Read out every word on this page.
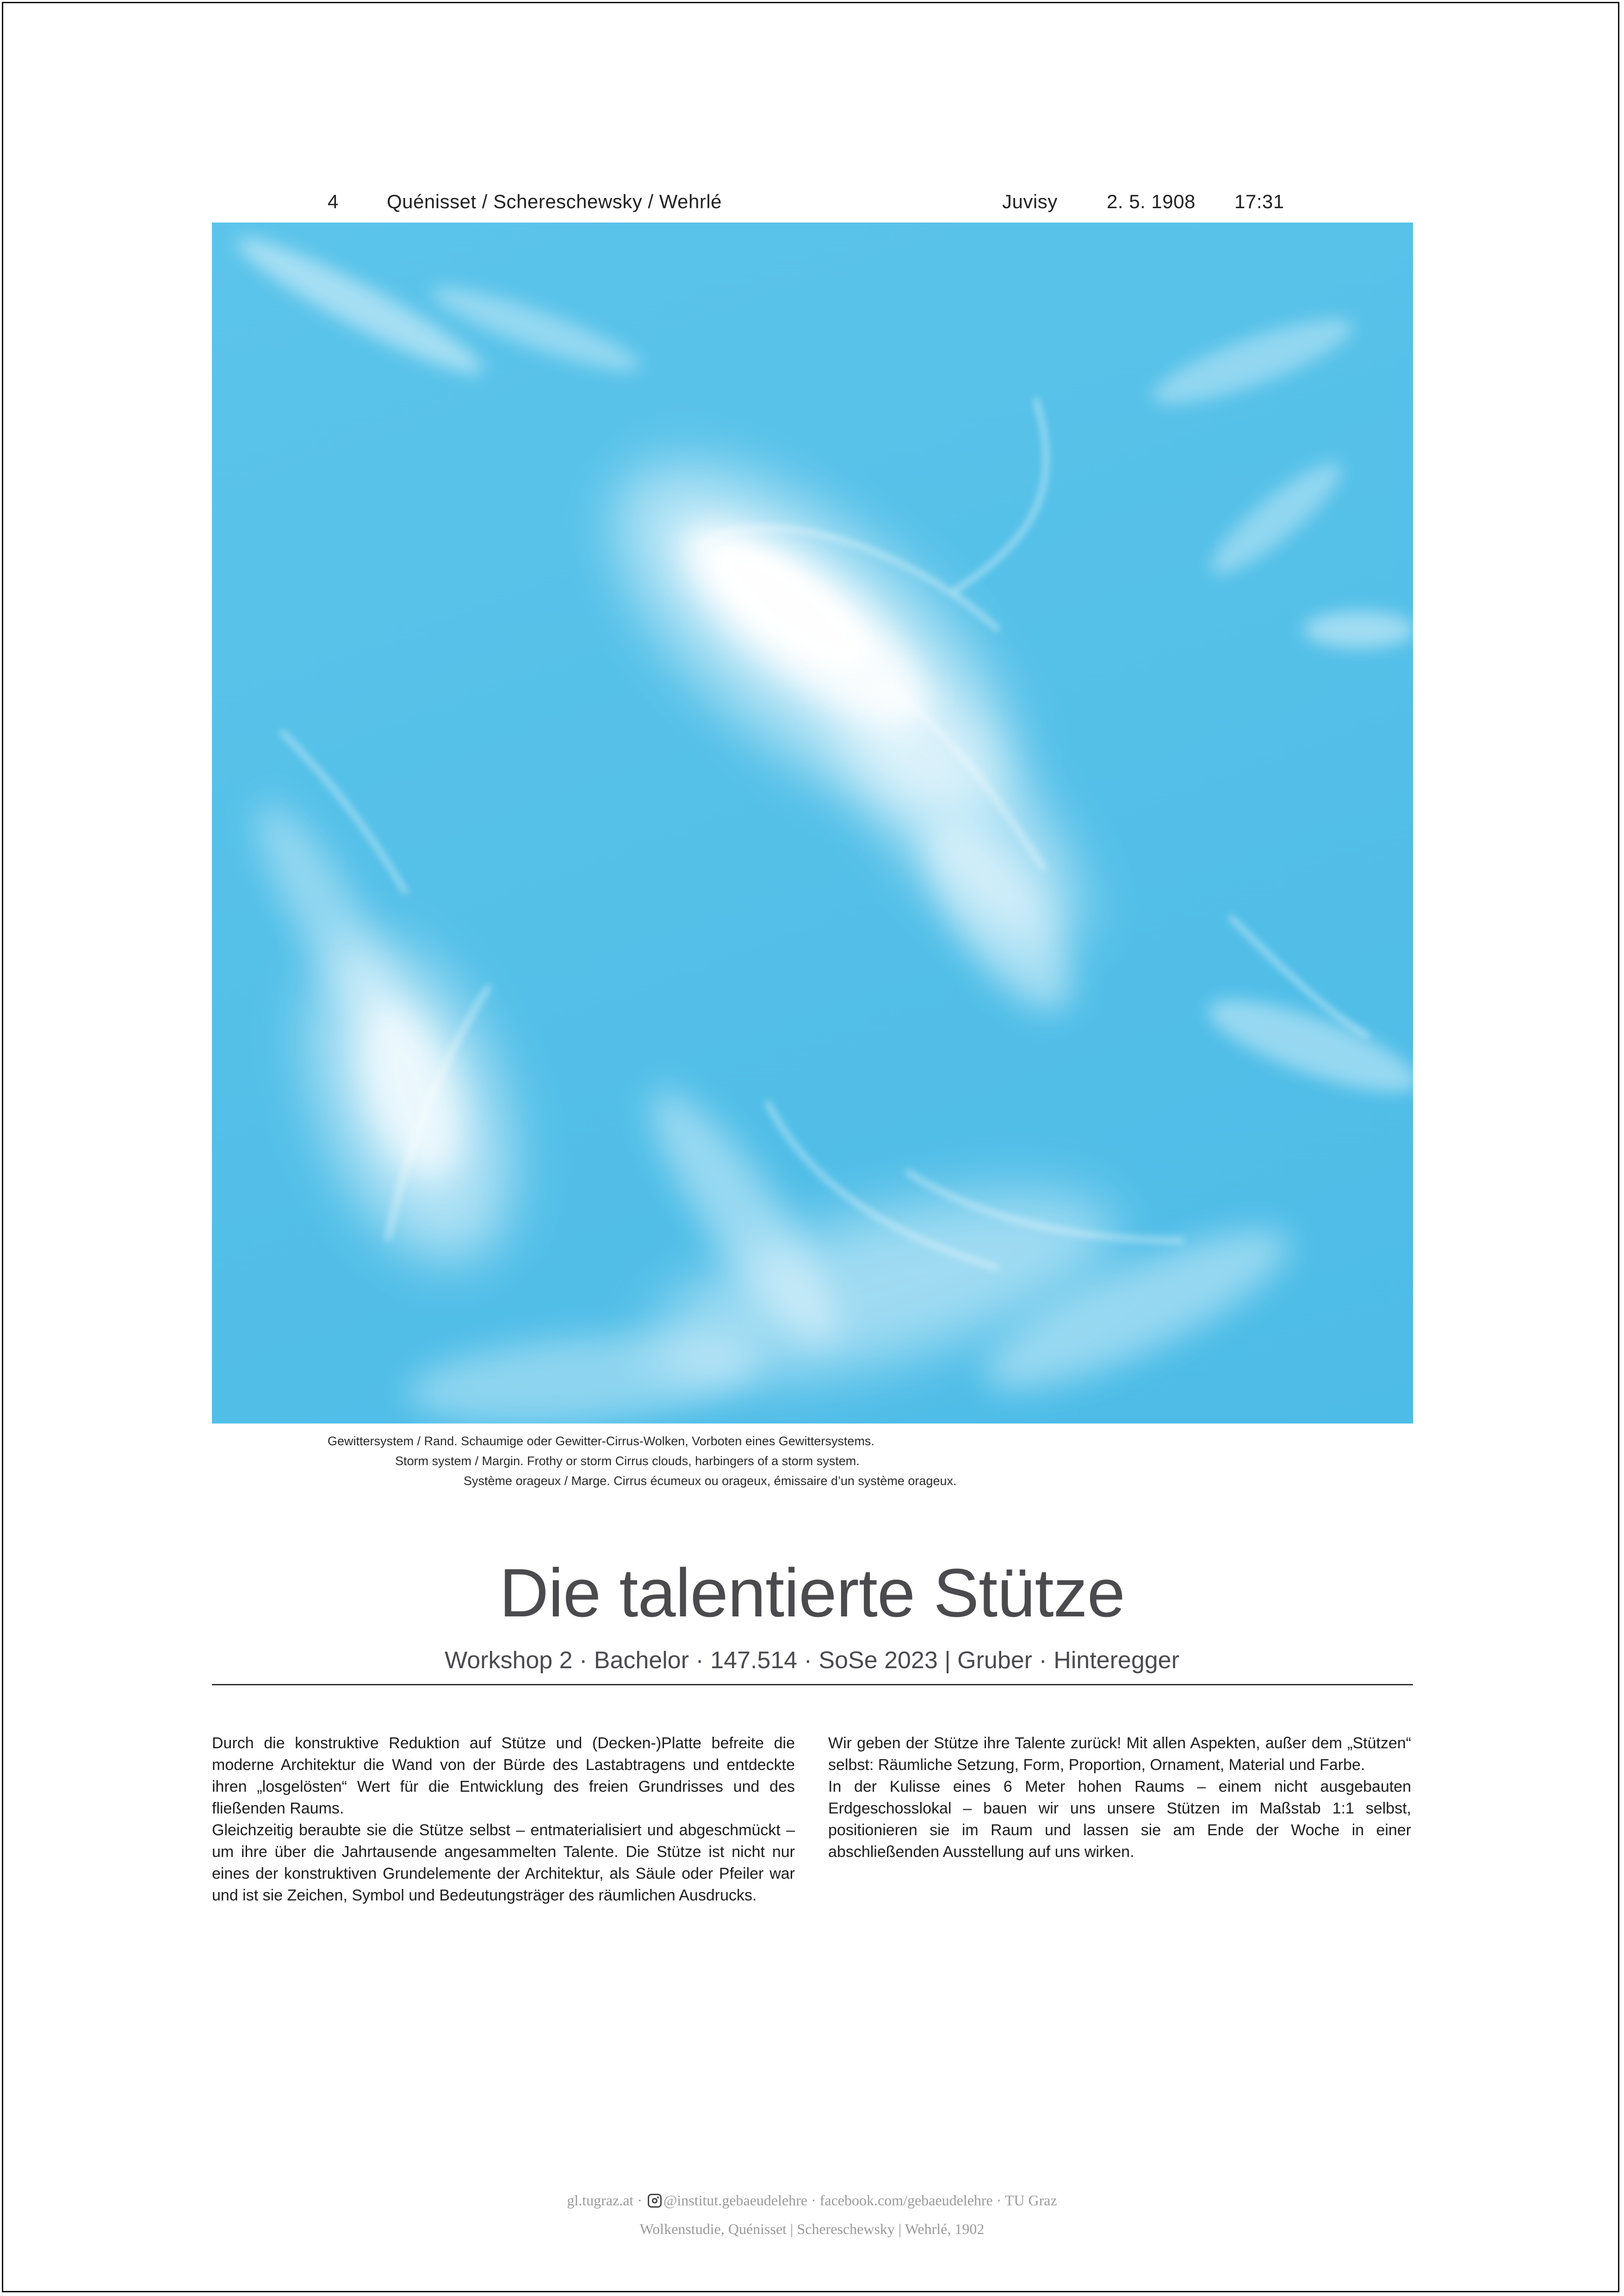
4 Quénisset / Schereschewsky / Wehrlé	Juvisy	2. 5. 1908 17:31
Gewittersystem / Rand. Schaumige oder Gewitter-Cirrus-Wolken, Vorboten eines Gewittersystems.
Storm system / Margin. Frothy or storm Cirrus clouds, harbingers of a storm system.
Système orageux / Marge. Cirrus écumeux ou orageux, émissaire d’un système orageux.
Die talentierte Stütze
Workshop 2 · Bachelor · 147.514 · SoSe 2023 | Gruber · Hinteregger

Durch die konstruktive Reduktion auf Stütze und (Decken-)Platte befreite die moderne Architektur die Wand von der Bürde des Lastabtragens und entdeckte ihren „losgelösten“ Wert für die Entwicklung des freien Grundrisses und des fließenden Raums.

Gleichzeitig beraubte sie die Stütze selbst – entmaterialisiert und abgeschmückt – um ihre über die Jahrtausende angesammelten Talente. Die Stütze ist nicht nur eines der konstruktiven Grundelemente der Architektur, als Säule oder Pfeiler war und ist sie Zeichen, Symbol und Bedeutungsträger des räumlichen Ausdrucks.

Wir geben der Stütze ihre Talente zurück! Mit allen Aspekten, außer dem „Stützen“ selbst: Räumliche Setzung, Form, Proportion, Ornament, Material und Farbe.

In der Kulisse eines 6 Meter hohen Raums – einem nicht ausgebauten Erdgeschosslokal – bauen wir uns unsere Stützen im Maßstab 1:1 selbst, positionieren sie im Raum und lassen sie am Ende der Woche in einer abschließenden Ausstellung auf uns wirken.

gl.tugraz.at · @institut.gebaeudelehre · facebook.com/gebaeudelehre · TU Graz
Wolkenstudie, Quénisset | Schereschewsky | Wehrlé, 1902
